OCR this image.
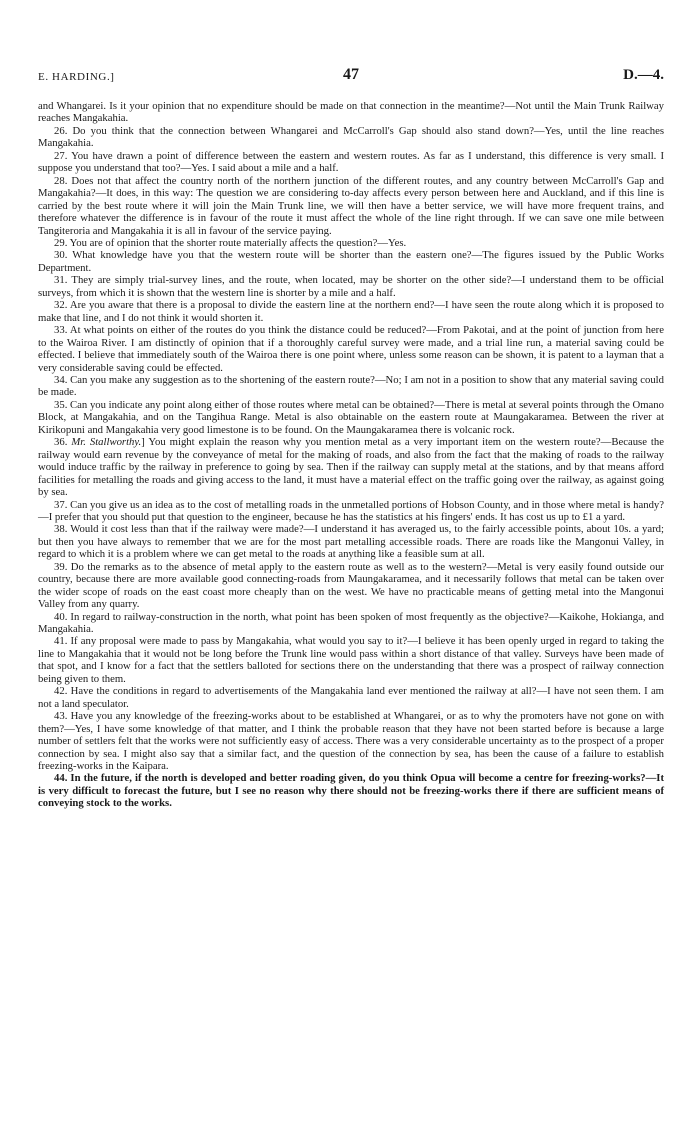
E. HARDING.]	47	D.—4.

and Whangarei. Is it your opinion that no expenditure should be made on that connection in the meantime?—Not until the Main Trunk Railway reaches Mangakahia.

26. Do you think that the connection between Whangarei and McCarroll's Gap should also stand down?—Yes, until the line reaches Mangakahia.

27. You have drawn a point of difference between the eastern and western routes. As far as I understand, this difference is very small. I suppose you understand that too?—Yes. I said about a mile and a half.

28. Does not that affect the country north of the northern junction of the different routes, and any country between McCarroll's Gap and Mangakahia?—It does, in this way: The question we are considering to-day affects every person between here and Auckland, and if this line is carried by the best route where it will join the Main Trunk line, we will then have a better service, we will have more frequent trains, and therefore whatever the difference is in favour of the route it must affect the whole of the line right through. If we can save one mile between Tangiteroria and Mangakahia it is all in favour of the service paying.

29. You are of opinion that the shorter route materially affects the question?—Yes.

30. What knowledge have you that the western route will be shorter than the eastern one?—The figures issued by the Public Works Department.

31. They are simply trial-survey lines, and the route, when located, may be shorter on the other side?—I understand them to be official surveys, from which it is shown that the western line is shorter by a mile and a half.

32. Are you aware that there is a proposal to divide the eastern line at the northern end?—I have seen the route along which it is proposed to make that line, and I do not think it would shorten it.

33. At what points on either of the routes do you think the distance could be reduced?—From Pakotai, and at the point of junction from here to the Wairoa River. I am distinctly of opinion that if a thoroughly careful survey were made, and a trial line run, a material saving could be effected. I believe that immediately south of the Wairoa there is one point where, unless some reason can be shown, it is patent to a layman that a very considerable saving could be effected.

34. Can you make any suggestion as to the shortening of the eastern route?—No; I am not in a position to show that any material saving could be made.

35. Can you indicate any point along either of those routes where metal can be obtained?—There is metal at several points through the Omano Block, at Mangakahia, and on the Tangihua Range. Metal is also obtainable on the eastern route at Maungakaramea. Between the river at Kirikopuni and Mangakahia very good limestone is to be found. On the Maungakaramea there is volcanic rock.

36. Mr. Stallworthy.] You might explain the reason why you mention metal as a very important item on the western route?—Because the railway would earn revenue by the conveyance of metal for the making of roads, and also from the fact that the making of roads to the railway would induce traffic by the railway in preference to going by sea. Then if the railway can supply metal at the stations, and by that means afford facilities for metalling the roads and giving access to the land, it must have a material effect on the traffic going over the railway, as against going by sea.

37. Can you give us an idea as to the cost of metalling roads in the unmetalled portions of Hobson County, and in those where metal is handy?—I prefer that you should put that question to the engineer, because he has the statistics at his fingers' ends. It has cost us up to £1 a yard.

38. Would it cost less than that if the railway were made?—I understand it has averaged us, to the fairly accessible points, about 10s. a yard; but then you have always to remember that we are for the most part metalling accessible roads. There are roads like the Mangonui Valley, in regard to which it is a problem where we can get metal to the roads at anything like a feasible sum at all.

39. Do the remarks as to the absence of metal apply to the eastern route as well as to the western?—Metal is very easily found outside our country, because there are more available good connecting-roads from Maungakaramea, and it necessarily follows that metal can be taken over the wider scope of roads on the east coast more cheaply than on the west. We have no practicable means of getting metal into the Mangonui Valley from any quarry.

40. In regard to railway-construction in the north, what point has been spoken of most frequently as the objective?—Kaikohe, Hokianga, and Mangakahia.

41. If any proposal were made to pass by Mangakahia, what would you say to it?—I believe it has been openly urged in regard to taking the line to Mangakahia that it would not be long before the Trunk line would pass within a short distance of that valley. Surveys have been made of that spot, and I know for a fact that the settlers balloted for sections there on the understanding that there was a prospect of railway connection being given to them.

42. Have the conditions in regard to advertisements of the Mangakahia land ever mentioned the railway at all?—I have not seen them. I am not a land speculator.

43. Have you any knowledge of the freezing-works about to be established at Whangarei, or as to why the promoters have not gone on with them?—Yes, I have some knowledge of that matter, and I think the probable reason that they have not been started before is because a large number of settlers felt that the works were not sufficiently easy of access. There was a very considerable uncertainty as to the prospect of a proper connection by sea. I might also say that a similar fact, and the question of the connection by sea, has been the cause of a failure to establish freezing-works in the Kaipara.

44. In the future, if the north is developed and better roading given, do you think Opua will become a centre for freezing-works?—It is very difficult to forecast the future, but I see no reason why there should not be freezing-works there if there are sufficient means of conveying stock to the works.
